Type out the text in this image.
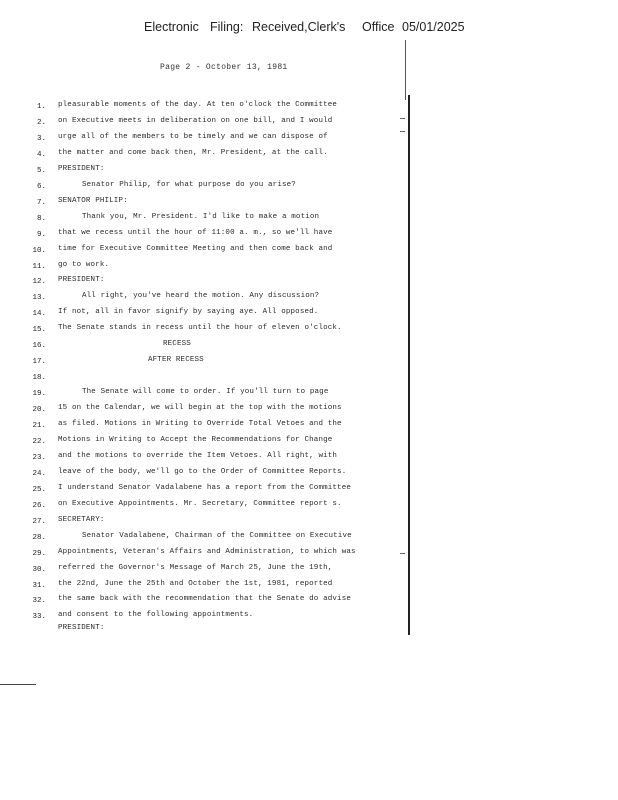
Electronic Filing: Received,Clerk's Office 05/01/2025
Page 2 - October 13, 1981
1. pleasurable moments of the day. At ten o'clock the Committee
2. on Executive meets in deliberation on one bill, and I would
3. urge all of the members to be timely and we can dispose of
4. the matter and come back then, Mr. President, at the call.
5. PRESIDENT:
6.	Senator Philip, for what purpose do you arise?
7. SENATOR PHILIP:
8.	Thank you, Mr. President. I'd like to make a motion
9. that we recess until the hour of 11:00 a. m., so we'll have
10. time for Executive Committee Meeting and then come back and
11. go to work.
12. PRESIDENT:
13.	All right, you've heard the motion. Any discussion?
14. If not, all in favor signify by saying aye. All opposed.
15. The Senate stands in recess until the hour of eleven o'clock.
16.	RECESS
17.	AFTER RECESS
18.
19.	The Senate will come to order. If you'll turn to page
20. 15 on the Calendar, we will begin at the top with the motions
21. as filed. Motions in Writing to Override Total Vetoes and the
22. Motions in Writing to Accept the Recommendations for Change
23. and the motions to override the Item Vetoes. All right, with
24. leave of the body, we'll go to the Order of Committee Reports.
25. I understand Senator Vadalabene has a report from the Committee
26. on Executive Appointments. Mr. Secretary, Committee report s.
27. SECRETARY:
28.	Senator Vadalabene, Chairman of the Committee on Executive
29. Appointments, Veteran's Affairs and Administration, to which was
30. referred the Governor's Message of March 25, June the 19th,
31. the 22nd, June the 25th and October the 1st, 1981, reported
32. the same back with the recommendation that the Senate do advise
33. and consent to the following appointments.
PRESIDENT:
